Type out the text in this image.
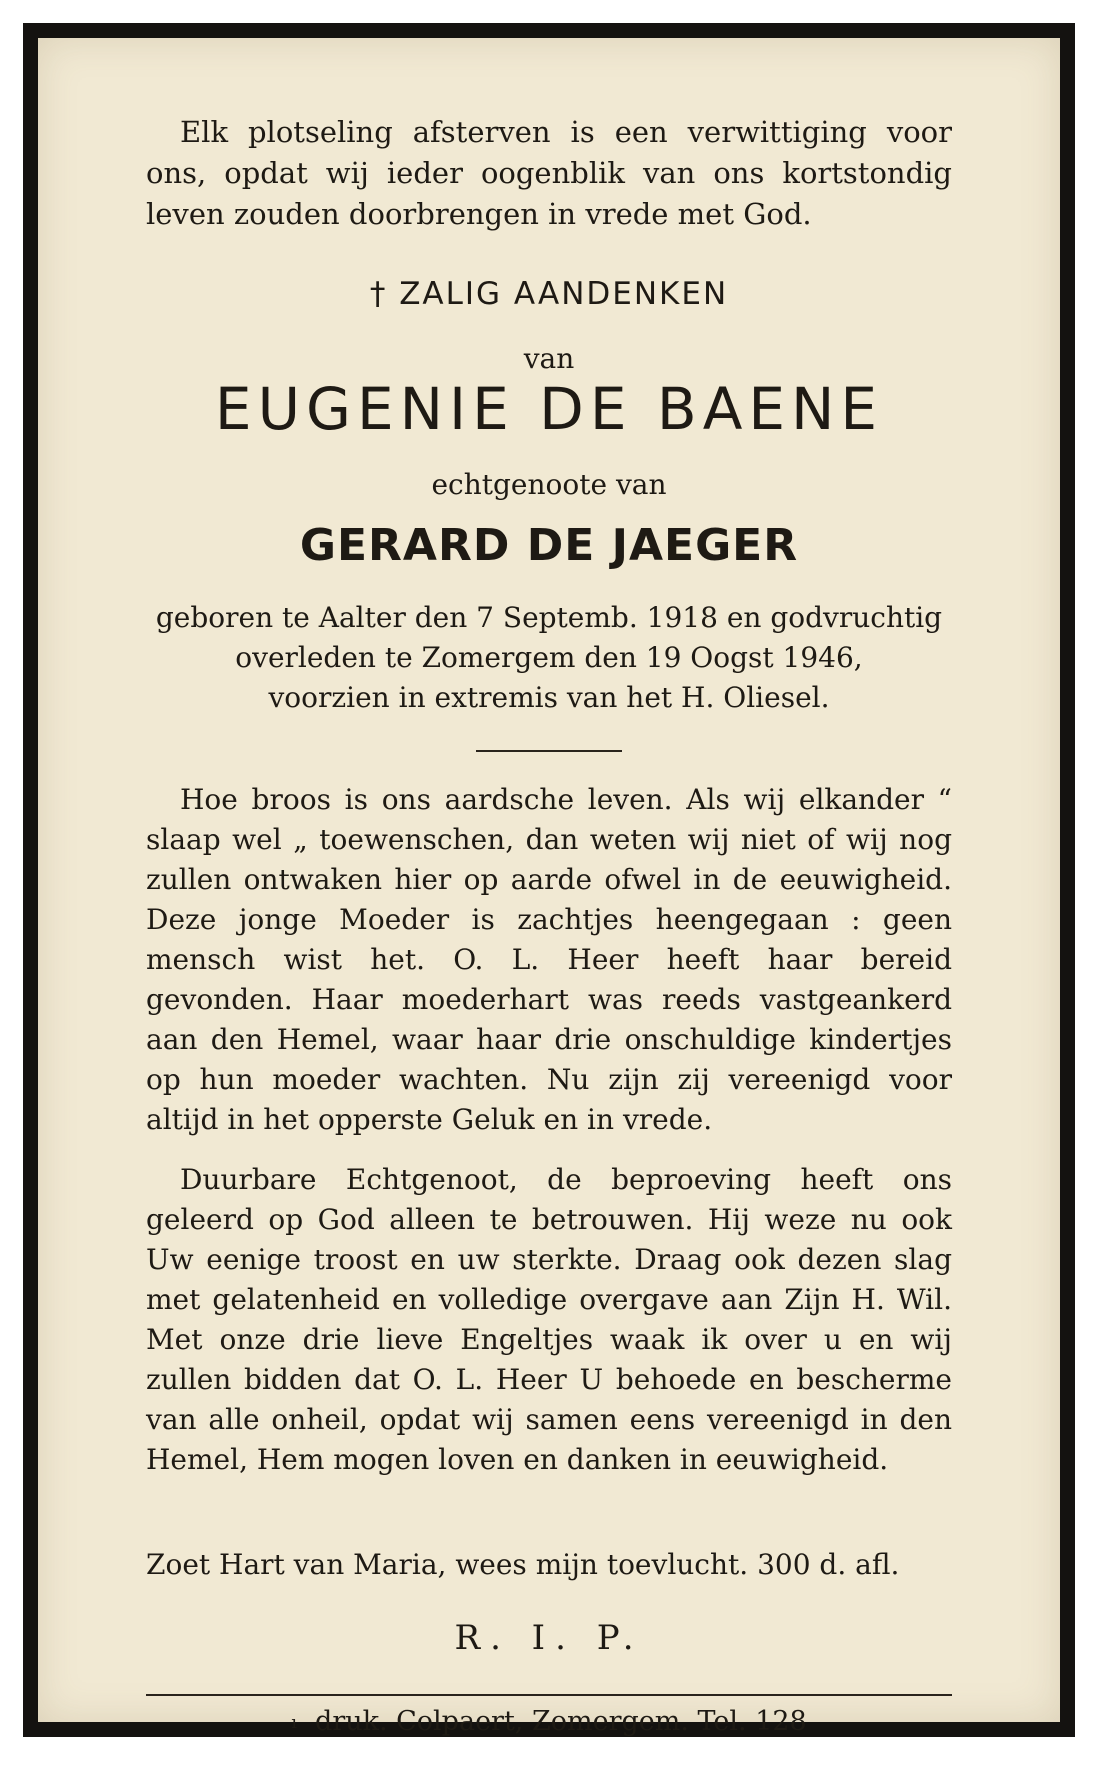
Elk plotseling afsterven is een verwittiging voor ons, opdat wij ieder oogenblik van ons kortstondig leven zouden doorbrengen in vrede met God.

† ZALIG AANDENKEN

van

EUGENIE DE BAENE

echtgenoote van

GERARD DE JAEGER
geboren te Aalter den 7 Septemb. 1918 en godvruchtig
overleden te Zomergem den 19 Oogst 1946,
voorzien in extremis van het H. Oliesel.

Hoe broos is ons aardsche leven. Als wij elkander “ slaap wel „ toewenschen, dan weten wij niet of wij nog zullen ontwaken hier op aarde ofwel in de eeuwigheid. Deze jonge Moeder is zachtjes heengegaan : geen mensch wist het. O. L. Heer heeft haar bereid gevonden. Haar moederhart was reeds vastgeankerd aan den Hemel, waar haar drie onschuldige kindertjes op hun moeder wachten. Nu zijn zij vereenigd voor altijd in het opperste Geluk en in vrede.

Duurbare Echtgenoot, de beproeving heeft ons geleerd op God alleen te betrouwen. Hij weze nu ook Uw eenige troost en uw sterkte. Draag ook dezen slag met gelatenheid en volledige overgave aan Zijn H. Wil. Met onze drie lieve Engeltjes waak ik over u en wij zullen bidden dat O. L. Heer U behoede en bescherme van alle onheil, opdat wij samen eens vereenigd in den Hemel, Hem mogen loven en danken in eeuwigheid.

Zoet Hart van Maria, wees mijn toevlucht. 300 d. afl.

R. I. P.

ı druk. Colpaert, Zomergem. Tel. 128
